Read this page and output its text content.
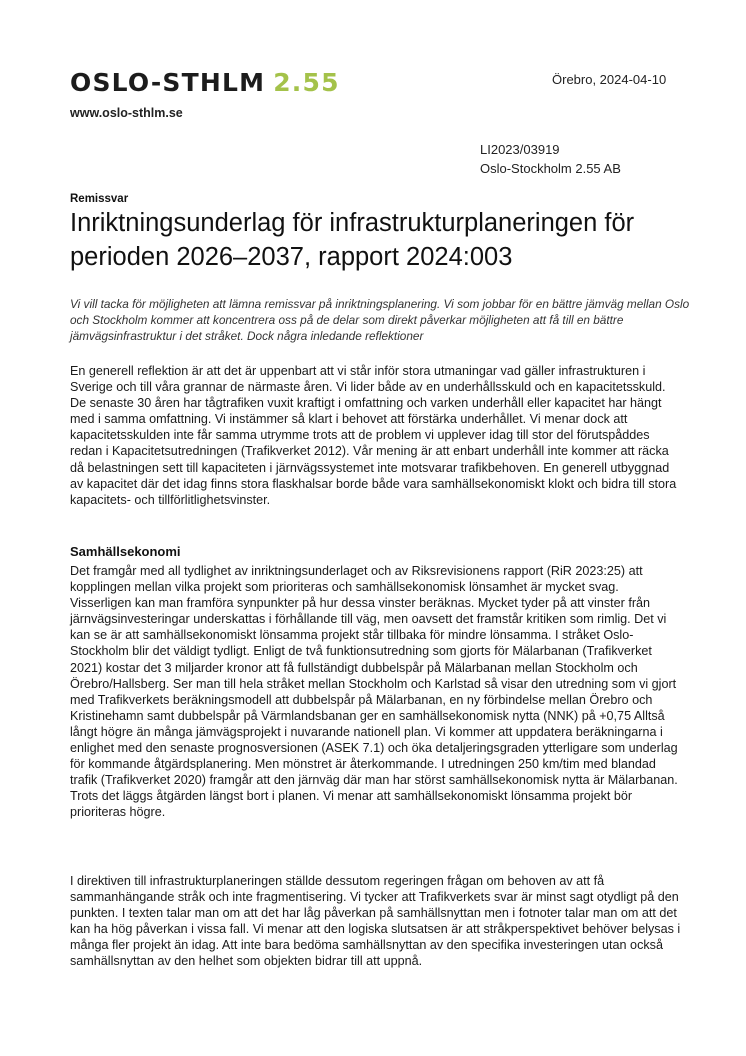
OSLO-STHLM 2.55
www.oslo-sthlm.se
Örebro, 2024-04-10
LI2023/03919
Oslo-Stockholm 2.55 AB
Remissvar
Inriktningsunderlag för infrastrukturplaneringen för perioden 2026–2037, rapport 2024:003

Vi vill tacka för möjligheten att lämna remissvar på inriktningsplanering. Vi som jobbar för en bättre jämväg mellan Oslo och Stockholm kommer att koncentrera oss på de delar som direkt påverkar möjligheten att få till en bättre jämvägsinfrastruktur i det stråket. Dock några inledande reflektioner

En generell reflektion är att det är uppenbart att vi står inför stora utmaningar vad gäller infrastrukturen i Sverige och till våra grannar de närmaste åren. Vi lider både av en underhållsskuld och en kapacitetsskuld. De senaste 30 åren har tågtrafiken vuxit kraftigt i omfattning och varken underhåll eller kapacitet har hängt med i samma omfattning. Vi instämmer så klart i behovet att förstärka underhållet. Vi menar dock att kapacitetsskulden inte får samma utrymme trots att de problem vi upplever idag till stor del förutspåddes redan i Kapacitetsutredningen (Trafikverket 2012). Vår mening är att enbart underhåll inte kommer att räcka då belastningen sett till kapaciteten i järnvägssystemet inte motsvarar trafikbehoven. En generell utbyggnad av kapacitet där det idag finns stora flaskhalsar borde både vara samhällsekonomiskt klokt och bidra till stora kapacitets- och tillförlitlighetsvinster.

Samhällsekonomi

Det framgår med all tydlighet av inriktningsunderlaget och av Riksrevisionens rapport (RiR 2023:25) att kopplingen mellan vilka projekt som prioriteras och samhällsekonomisk lönsamhet är mycket svag. Visserligen kan man framföra synpunkter på hur dessa vinster beräknas. Mycket tyder på att vinster från järnvägsinvesteringar underskattas i förhållande till väg, men oavsett det framstår kritiken som rimlig. Det vi kan se är att samhällsekonomiskt lönsamma projekt står tillbaka för mindre lönsamma. I stråket Oslo-Stockholm blir det väldigt tydligt. Enligt de två funktionsutredning som gjorts för Mälarbanan (Trafikverket 2021) kostar det 3 miljarder kronor att få fullständigt dubbelspår på Mälarbanan mellan Stockholm och Örebro/Hallsberg. Ser man till hela stråket mellan Stockholm och Karlstad så visar den utredning som vi gjort med Trafikverkets beräkningsmodell att dubbelspår på Mälarbanan, en ny förbindelse mellan Örebro och Kristinehamn samt dubbelspår på Värmlandsbanan ger en samhällsekonomisk nytta (NNK) på +0,75 Alltså långt högre än många jämvägsprojekt i nuvarande nationell plan. Vi kommer att uppdatera beräkningarna i enlighet med den senaste prognosversionen (ASEK 7.1) och öka detaljeringsgraden ytterligare som underlag för kommande åtgärdsplanering. Men mönstret är återkommande. I utredningen 250 km/tim med blandad trafik (Trafikverket 2020) framgår att den järnväg där man har störst samhällsekonomisk nytta är Mälarbanan. Trots det läggs åtgärden längst bort i planen. Vi menar att samhällsekonomiskt lönsamma projekt bör prioriteras högre.

I direktiven till infrastrukturplaneringen ställde dessutom regeringen frågan om behoven av att få sammanhängande stråk och inte fragmentisering. Vi tycker att Trafikverkets svar är minst sagt otydligt på den punkten. I texten talar man om att det har låg påverkan på samhällsnyttan men i fotnoter talar man om att det kan ha hög påverkan i vissa fall. Vi menar att den logiska slutsatsen är att stråkperspektivet behöver belysas i många fler projekt än idag. Att inte bara bedöma samhällsnyttan av den specifika investeringen utan också samhällsnyttan av den helhet som objekten bidrar till att uppnå.
